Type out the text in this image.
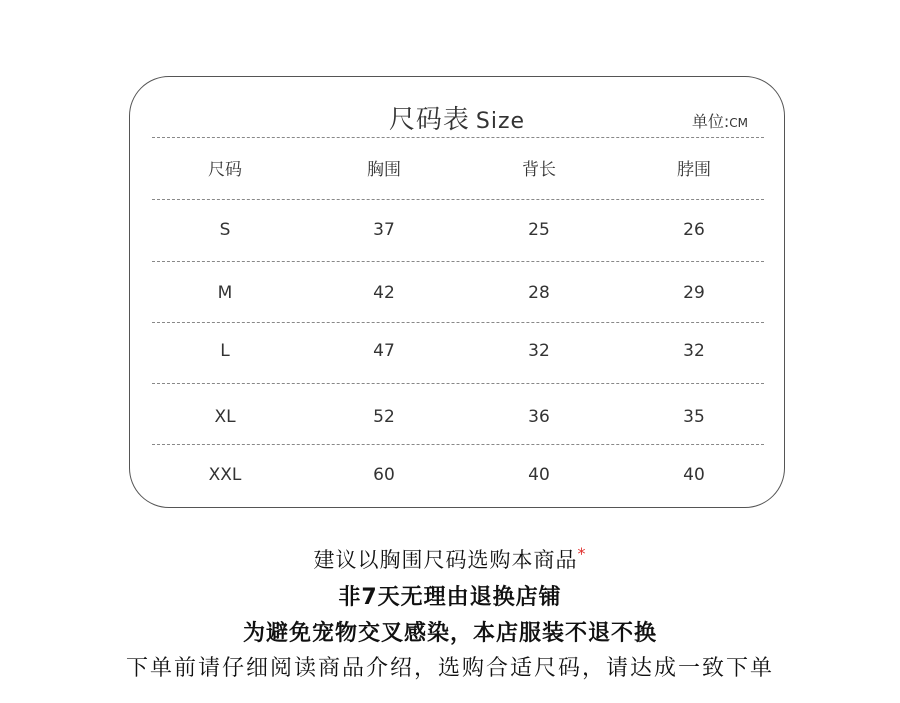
尺码表 Size	单位:CM
尺码	胸围	背长	脖围
S	37	25	26
M	42	28	29
L	47	32	32
XL	52	36	35
XXL	60	40	40
建议以胸围尺码选购本商品*
非7天无理由退换店铺
为避免宠物交叉感染，本店服装不退不换
下单前请仔细阅读商品介绍，选购合适尺码，请达成一致下单
